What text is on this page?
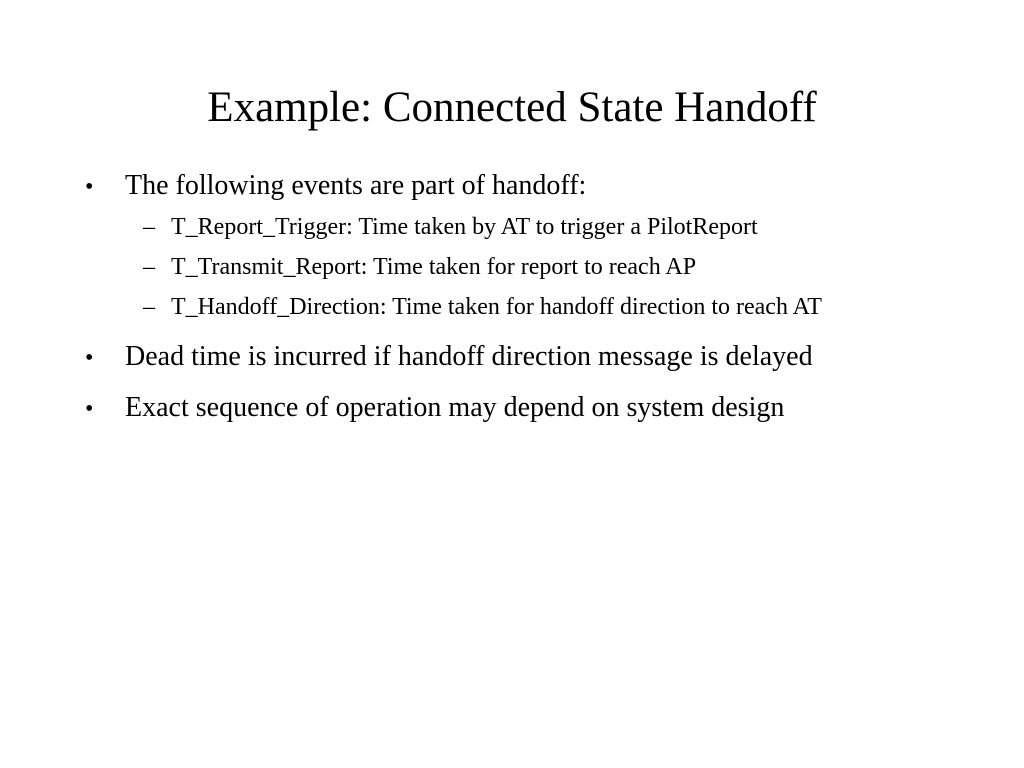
Example: Connected State Handoff
•	The following events are part of handoff:
– T_Report_Trigger: Time taken by AT to trigger a PilotReport
– T_Transmit_Report: Time taken for report to reach AP
– T_Handoff_Direction: Time taken for handoff direction to reach AT
•	Dead time is incurred if handoff direction message is delayed
•	Exact sequence of operation may depend on system design
